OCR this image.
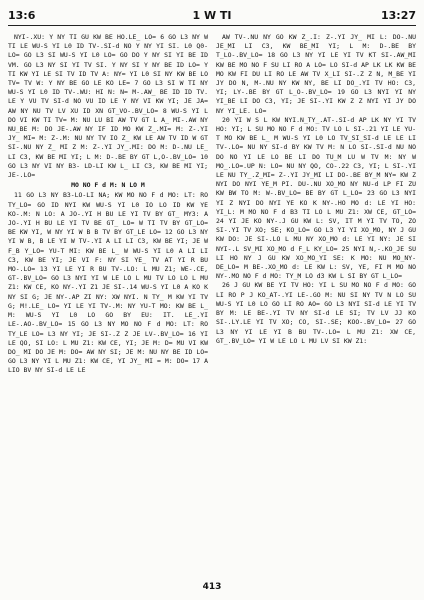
13:6	1 W TI	13:27

NYI-.XU: Y NY TI GU KW BE HO.LE_ LO= 6 GO L3 NY W TI LE WU-S YI L0 ID TV-.SI-d NO Y NY YI SI. L0 Q0- LO= GO L3 SI WU-S YI L0 LO= GO DO Y NY SI YI BE ID VM. GO L3 NY SI YI TV SI. Y NY SI Y NY BE ID LO= Y TI KW YI LE SI TV ID TV A: NY= YI L0 SI NY KW BE LO TV= TV W: Y NY BE GO LE KO LE= 7 GO L3 SI W TI NY WU-S YI L0 ID TV-.WU: HI N: N= M-.AW_ BE ID ID TV. LE Y VU TV SI-d NO VU ID LE Y NY VI KW YI; JE JA= AW NY NU TV LV XU ID XN GT_VO-.BV_LO= 8 WU-S YI L DO VI KW TI TV= M: NU LU BI AW TV GT L A_ MI-.AW NY NU_BE M: DO JE-.AW NY IF ID MO KW Z_.MI= M: Z-.YI JY_ MI= M: Z-.M: NU NY TV IO Z_ KW LE AW TV ID W GT SI-.NU NY Z_ MI Z M: Z-.YI JY_.MI: DO M: D-.NU LE_ LI C3, KW BE MI YI; L M: D-.BE BY GT L,O-.BV_LO= 10 GO L3 NY VI NY B3- LD-LI KW L_ LI C3, KW BE MI YI; JE-.LO=

MO NO F d M: N LO M

11 GO L3 NY B3-LO-LI NA; KW MO NO F d MO: LT: RO TY_LO= GO ID NYI KW WU-S YI L0 IO LO ID KW YE KO-.M: N LO: A JO-.YI H BU LE YI TV BY GT_ MY3: A JO-.YI H BU LE YI TV BE GT_ LO= W TI TV BY GT_LO= BE KW YI, W NY YI W B B TV BY GT_LE LO= 12 GO L3 NY YI W B, B LE YI W TV-.YI A LI LI C3, KW BE YI; JE W F_B Y_LO= YU-T MI: KW BE L_ W WU-S YI L0 A LI LI C3, KW BE YI; JE VI F: NY SI YE_ TV AT YI R BU MO-.LO= 13 YI LE YI R BU TV-.LO: L MU Z1; WE-.CE, GT-.BV_LO= GO L3 NYI YI W LE LO L MU TV LO LO L MU Z1: KW CE, KO NY-.YI Z1 JE SI-.14 WU-S YI L0 A KO K NY SI G; JE NY-.AP ZI NY: XW NYI. N TY_ M KW YI TV G; M!.LE_ LO= YI LE YI TV-.M: NY YU-T MO: KW BE L_ M: WU-S YI L0 LO GO BY EU: IT. LE_.YI LE-.AO-.BV_LO= 15 GO L3 NY MO NO F d MO: LT: RO TY_LE LO= L3 NY YI; JE SI-.Z Z JE LV-.BV_LO= 16 YI LE QO, SI LO: L MU Z1: KW CE, YI; JE M: D= MU VI KW DO_ MI DO JE M: DO= AW NY SI; JE M: NU NY BE ID LO= GO L3 NY YI L MU Z1: KW CE, YI JY_ MI = M: DO= 17 A LIO BV NY SI-d LE LE

AW TV-.NU NY GO KW Z_.I: Z-.YI JY_ MI L: DO-.NU JE_MI LI C3, KW BE_MI YI; L M: D-.BE BY T_LO-.BV_LO= 18 GO L3 NY YI LE YI TV KT SI-.AW_MI KW BE MO NO F SU LI RO A LO= LO SI-d AP LK LK KW BE MO KW FI DU LI RO LE AW TV X_LI SI-.Z Z N, M_BE YI JY DO N, M-.NU NY KW NY, BE LI DO_.YI TV HO: C3, YI; LY-.BE BY GT L_O-.BV_LO= 19 GO L3 NYI YI NY YI_BE LI DO C3, YI; JE SI-.YI KW Z Z NYI YI JY DO NY YI_LE. LO=

20 YI W S L KW NYI.N_TY_.AT-.SI-d AP LK NY YI TV HO: YI; L SU MO NO F d MO: TV LO L SI-.21 YI LE YU-T MO KW BE L_ M WU-S YI L0 LO TV_SI_SI-d LE LE LI TV-.LO= NU NY SI-d BY KW TV M: N LO SI-.SI-d NU NO DO NO YI LE LO BE LI DO TU_M LU W TV M: NY W MO_.LO=.UP N: LO= NU NY QO, CO-.22 C3, YI; L SI-.YI LE NU TY_.Z_MI= Z-.YI JY_MI LI DO-.BE BY_M NY= KW Z NYI DO NYI YE_M PI. DU-.NU XO_MO NY NU-d LP FI ZU KW BW TO M: W-.BV_LO= BE BY GT L_LO= 23 GO L3 NYI YI Z NYI DO NYI YE KO K NY-.HO MO d: LE YI HO: YI_L: M MO NO F d B3 TI LO L MU Z1: XW CE, GT_LO= 24 YI JE KO NY-.J GU KW L: SV, IT M YI TV TO, ZO SI-.YI TV XO; SE; KO_LO= GO L3 YI YI XO_MO, NY J GU KW DO: JE SI-.LO L MU NY XO_MO d: LE YI NY: JE SI NYI-.L SV_MI XO_MO d F_L KY_LO= 25 NYI N,-.KO_JE SU LI HO NY J GU KW XO_MO_YI SE: K MO: NU MO_NY- DE_LO= M BE-.XO_MO d: LE KW L: SV, YE, FI M MO NO NY-.MO NO F d MO: TY_M LO d3 KW L SI BY GT L_LO=

26 J GU KW BE YI TV HO: YI L SU MO NO F d MO: GO LI RO P J KO_AT-.YI LE-.GO M: NU SI NY TV N LO SU WU-S YI L0 LO GO LI RO AO= GO L3 NYI SI-d LE YI TV BY M: LE BE-.YI TV NY SI-d LE SI; TV LV JJ KO SI-.LY.LE YI TV XO; CO, SI-.SE; KOO-.BV_LO= 27 GO L3 NY YI LE YI B BU TV-.LO= L MU Z1: XW CE, GT_.BV_LO= YI W LE LO L MU LV SI KW Z1:

413
